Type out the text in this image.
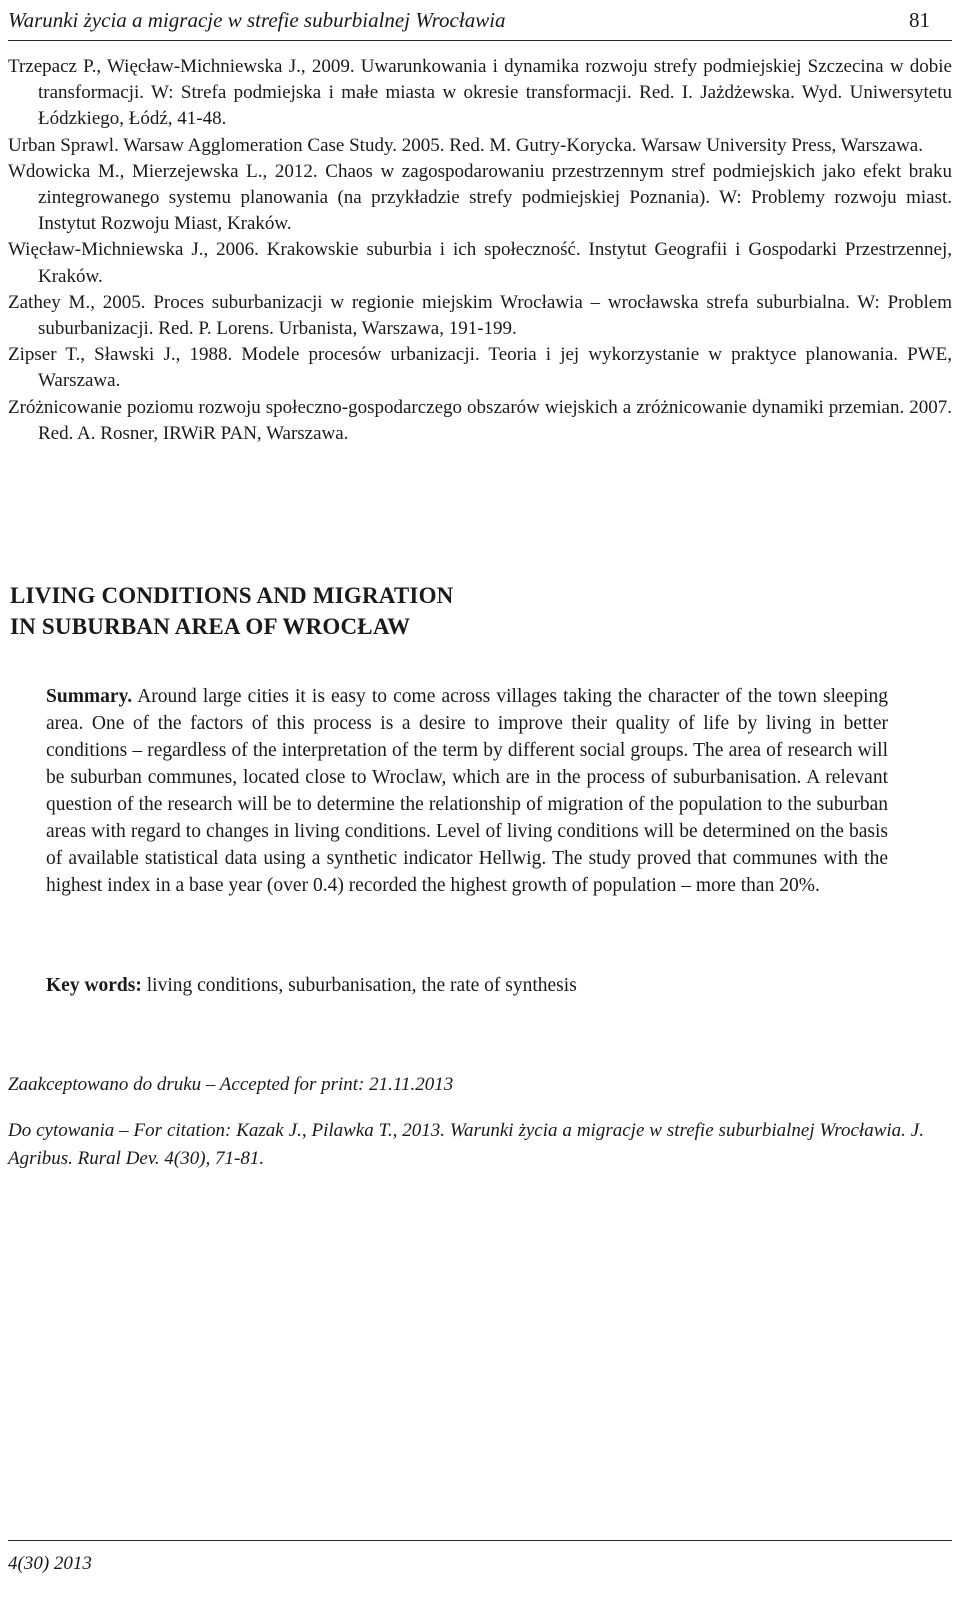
Warunki życia a migracje w strefie suburbialnej Wrocławia	81

Trzepacz P., Więcław-Michniewska J., 2009. Uwarunkowania i dynamika rozwoju strefy podmiejskiej Szczecina w dobie transformacji. W: Strefa podmiejska i małe miasta w okresie transformacji. Red. I. Jażdżewska. Wyd. Uniwersytetu Łódzkiego, Łódź, 41-48.

Urban Sprawl. Warsaw Agglomeration Case Study. 2005. Red. M. Gutry-Korycka. Warsaw University Press, Warszawa.

Wdowicka M., Mierzejewska L., 2012. Chaos w zagospodarowaniu przestrzennym stref podmiejskich jako efekt braku zintegrowanego systemu planowania (na przykładzie strefy podmiejskiej Poznania). W: Problemy rozwoju miast. Instytut Rozwoju Miast, Kraków.

Więcław-Michniewska J., 2006. Krakowskie suburbia i ich społeczność. Instytut Geografii i Gospodarki Przestrzennej, Kraków.

Zathey M., 2005. Proces suburbanizacji w regionie miejskim Wrocławia – wrocławska strefa suburbialna. W: Problem suburbanizacji. Red. P. Lorens. Urbanista, Warszawa, 191-199.

Zipser T., Sławski J., 1988. Modele procesów urbanizacji. Teoria i jej wykorzystanie w praktyce planowania. PWE, Warszawa.

Zróżnicowanie poziomu rozwoju społeczno-gospodarczego obszarów wiejskich a zróżnicowanie dynamiki przemian. 2007. Red. A. Rosner, IRWiR PAN, Warszawa.

LIVING CONDITIONS AND MIGRATION
IN SUBURBAN AREA OF WROCŁAW

Summary. Around large cities it is easy to come across villages taking the character of the town sleeping area. One of the factors of this process is a desire to improve their quality of life by living in better conditions – regardless of the interpretation of the term by different social groups. The area of research will be suburban communes, located close to Wroclaw, which are in the process of suburbanisation. A relevant question of the research will be to determine the relationship of migration of the population to the suburban areas with regard to changes in living conditions. Level of living conditions will be determined on the basis of available statistical data using a synthetic indicator Hellwig. The study proved that communes with the highest index in a base year (over 0.4) recorded the highest growth of population – more than 20%.

Key words: living conditions, suburbanisation, the rate of synthesis

Zaakceptowano do druku – Accepted for print: 21.11.2013

Do cytowania – For citation: Kazak J., Pilawka T., 2013. Warunki życia a migracje w strefie suburbialnej Wrocławia. J. Agribus. Rural Dev. 4(30), 71-81.

4(30) 2013
